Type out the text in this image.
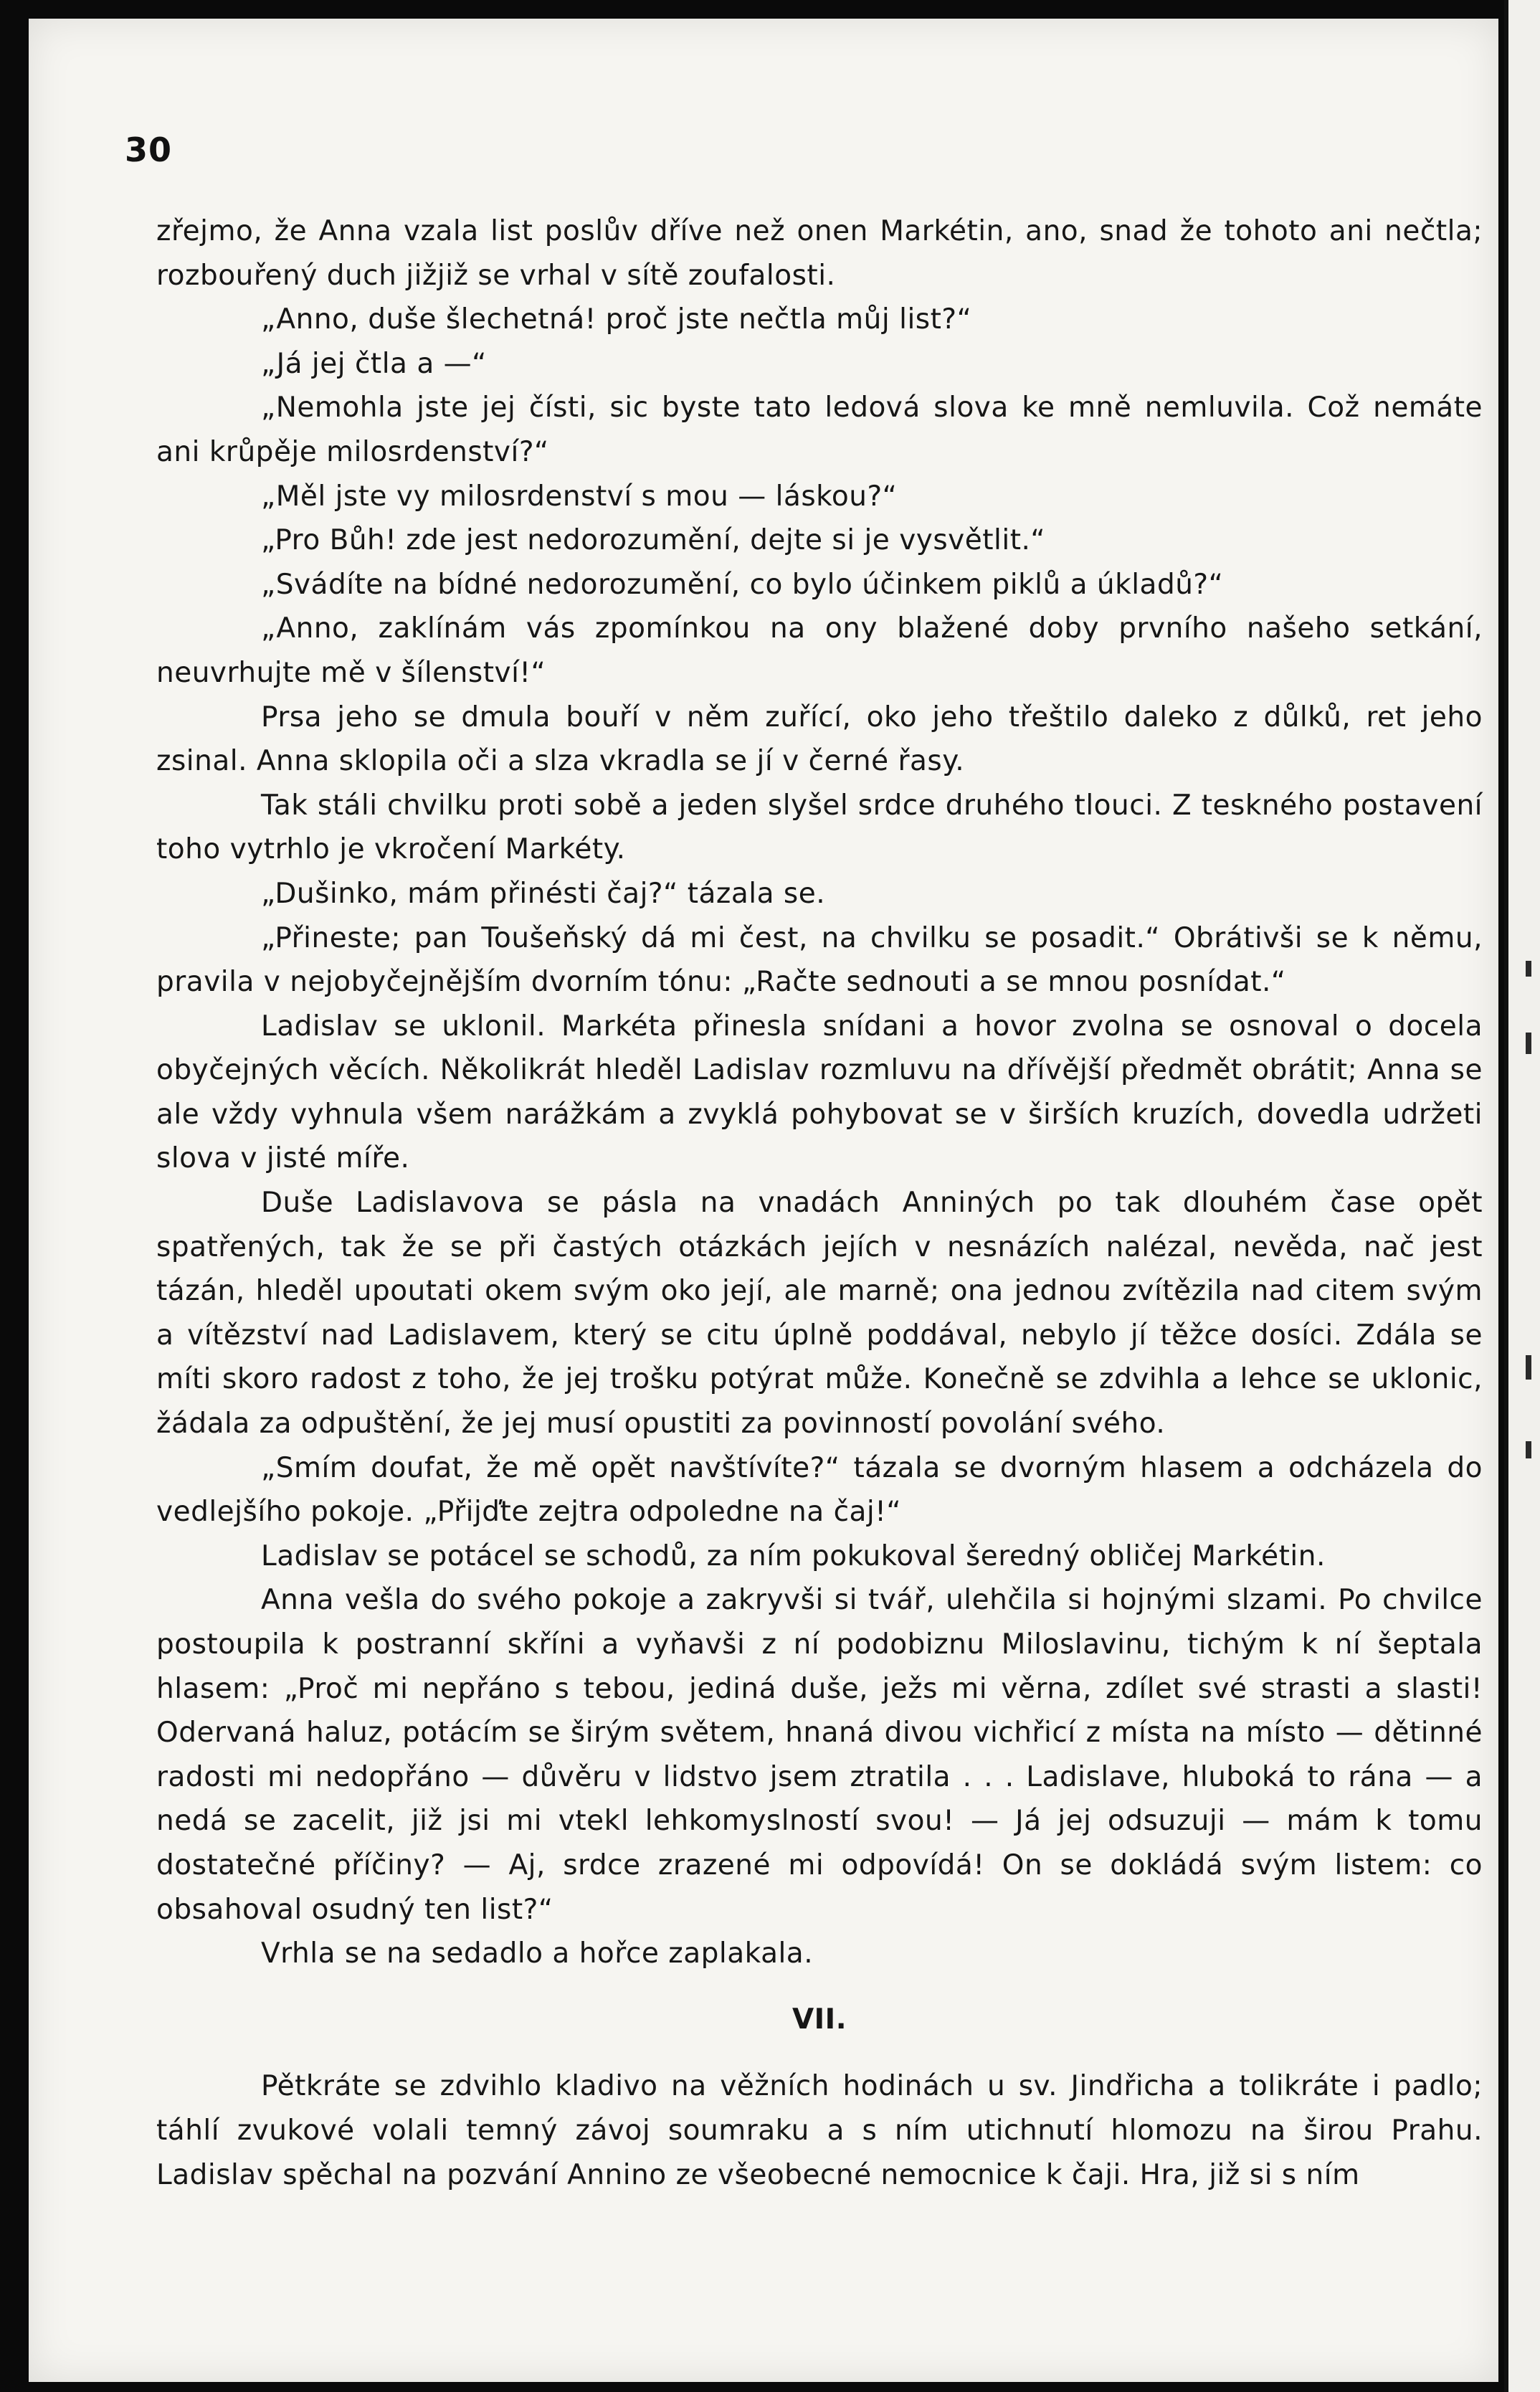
30

zřejmo, že Anna vzala list poslův dříve než onen Markétin, ano, snad že tohoto ani nečtla; rozbouřený duch jižjiž se vrhal v sítě zoufalosti.

„Anno, duše šlechetná! proč jste nečtla můj list?“

„Já jej čtla a —“

„Nemohla jste jej čísti, sic byste tato ledová slova ke mně nemluvila. Což nemáte ani krůpěje milosrdenství?“

„Měl jste vy milosrdenství s mou — láskou?“

„Pro Bůh! zde jest nedorozumění, dejte si je vysvětlit.“

„Svádíte na bídné nedorozumění, co bylo účinkem piklů a úkladů?“

„Anno, zaklínám vás zpomínkou na ony blažené doby prvního našeho setkání, neuvrhujte mě v šílenství!“

Prsa jeho se dmula bouří v něm zuřící, oko jeho třeštilo daleko z důlků, ret jeho zsinal. Anna sklopila oči a slza vkradla se jí v černé řasy.

Tak stáli chvilku proti sobě a jeden slyšel srdce druhého tlouci. Z teskného postavení toho vytrhlo je vkročení Markéty.

„Dušinko, mám přinésti čaj?“ tázala se.

„Přineste; pan Toušeňský dá mi čest, na chvilku se posadit.“ Obrátivši se k němu, pravila v nejobyčejnějším dvorním tónu: „Račte sednouti a se mnou posnídat.“

Ladislav se uklonil. Markéta přinesla snídani a hovor zvolna se osnoval o docela obyčejných věcích. Několikrát hleděl Ladislav rozmluvu na dřívější předmět obrátit; Anna se ale vždy vyhnula všem narážkám a zvyklá pohybovat se v širších kruzích, dovedla udržeti slova v jisté míře.

Duše Ladislavova se pásla na vnadách Anniných po tak dlouhém čase opět spatřených, tak že se při častých otázkách jejích v nesnázích nalézal, nevěda, nač jest tázán, hleděl upoutati okem svým oko její, ale marně; ona jednou zvítězila nad citem svým a vítězství nad Ladislavem, který se citu úplně poddával, nebylo jí těžce dosíci. Zdála se míti skoro radost z toho, že jej trošku potýrat může. Konečně se zdvihla a lehce se uklonic, žádala za odpuštění, že jej musí opustiti za povinností povolání svého.

„Smím doufat, že mě opět navštívíte?“ tázala se dvorným hlasem a odcházela do vedlejšího pokoje. „Přijďte zejtra odpoledne na čaj!“

Ladislav se potácel se schodů, za ním pokukoval šeredný obličej Markétin.

Anna vešla do svého pokoje a zakryvši si tvář, ulehčila si hojnými slzami. Po chvilce postoupila k postranní skříni a vyňavši z ní podobiznu Miloslavinu, tichým k ní šeptala hlasem: „Proč mi nepřáno s tebou, jediná duše, ježs mi věrna, zdílet své strasti a slasti! Odervaná haluz, potácím se širým světem, hnaná divou vichřicí z místa na místo — dětinné radosti mi nedopřáno — důvěru v lidstvo jsem ztratila . . . Ladislave, hluboká to rána — a nedá se zacelit, již jsi mi vtekl lehkomyslností svou! — Já jej odsuzuji — mám k tomu dostatečné příčiny? — Aj, srdce zrazené mi odpovídá! On se dokládá svým listem: co obsahoval osudný ten list?“

Vrhla se na sedadlo a hořce zaplakala.

VII.

Pětkráte se zdvihlo kladivo na věžních hodinách u sv. Jindřicha a tolikráte i padlo; táhlí zvukové volali temný závoj soumraku a s ním utichnutí hlomozu na širou Prahu. Ladislav spěchal na pozvání Annino ze všeobecné nemocnice k čaji. Hra, již si s ním
